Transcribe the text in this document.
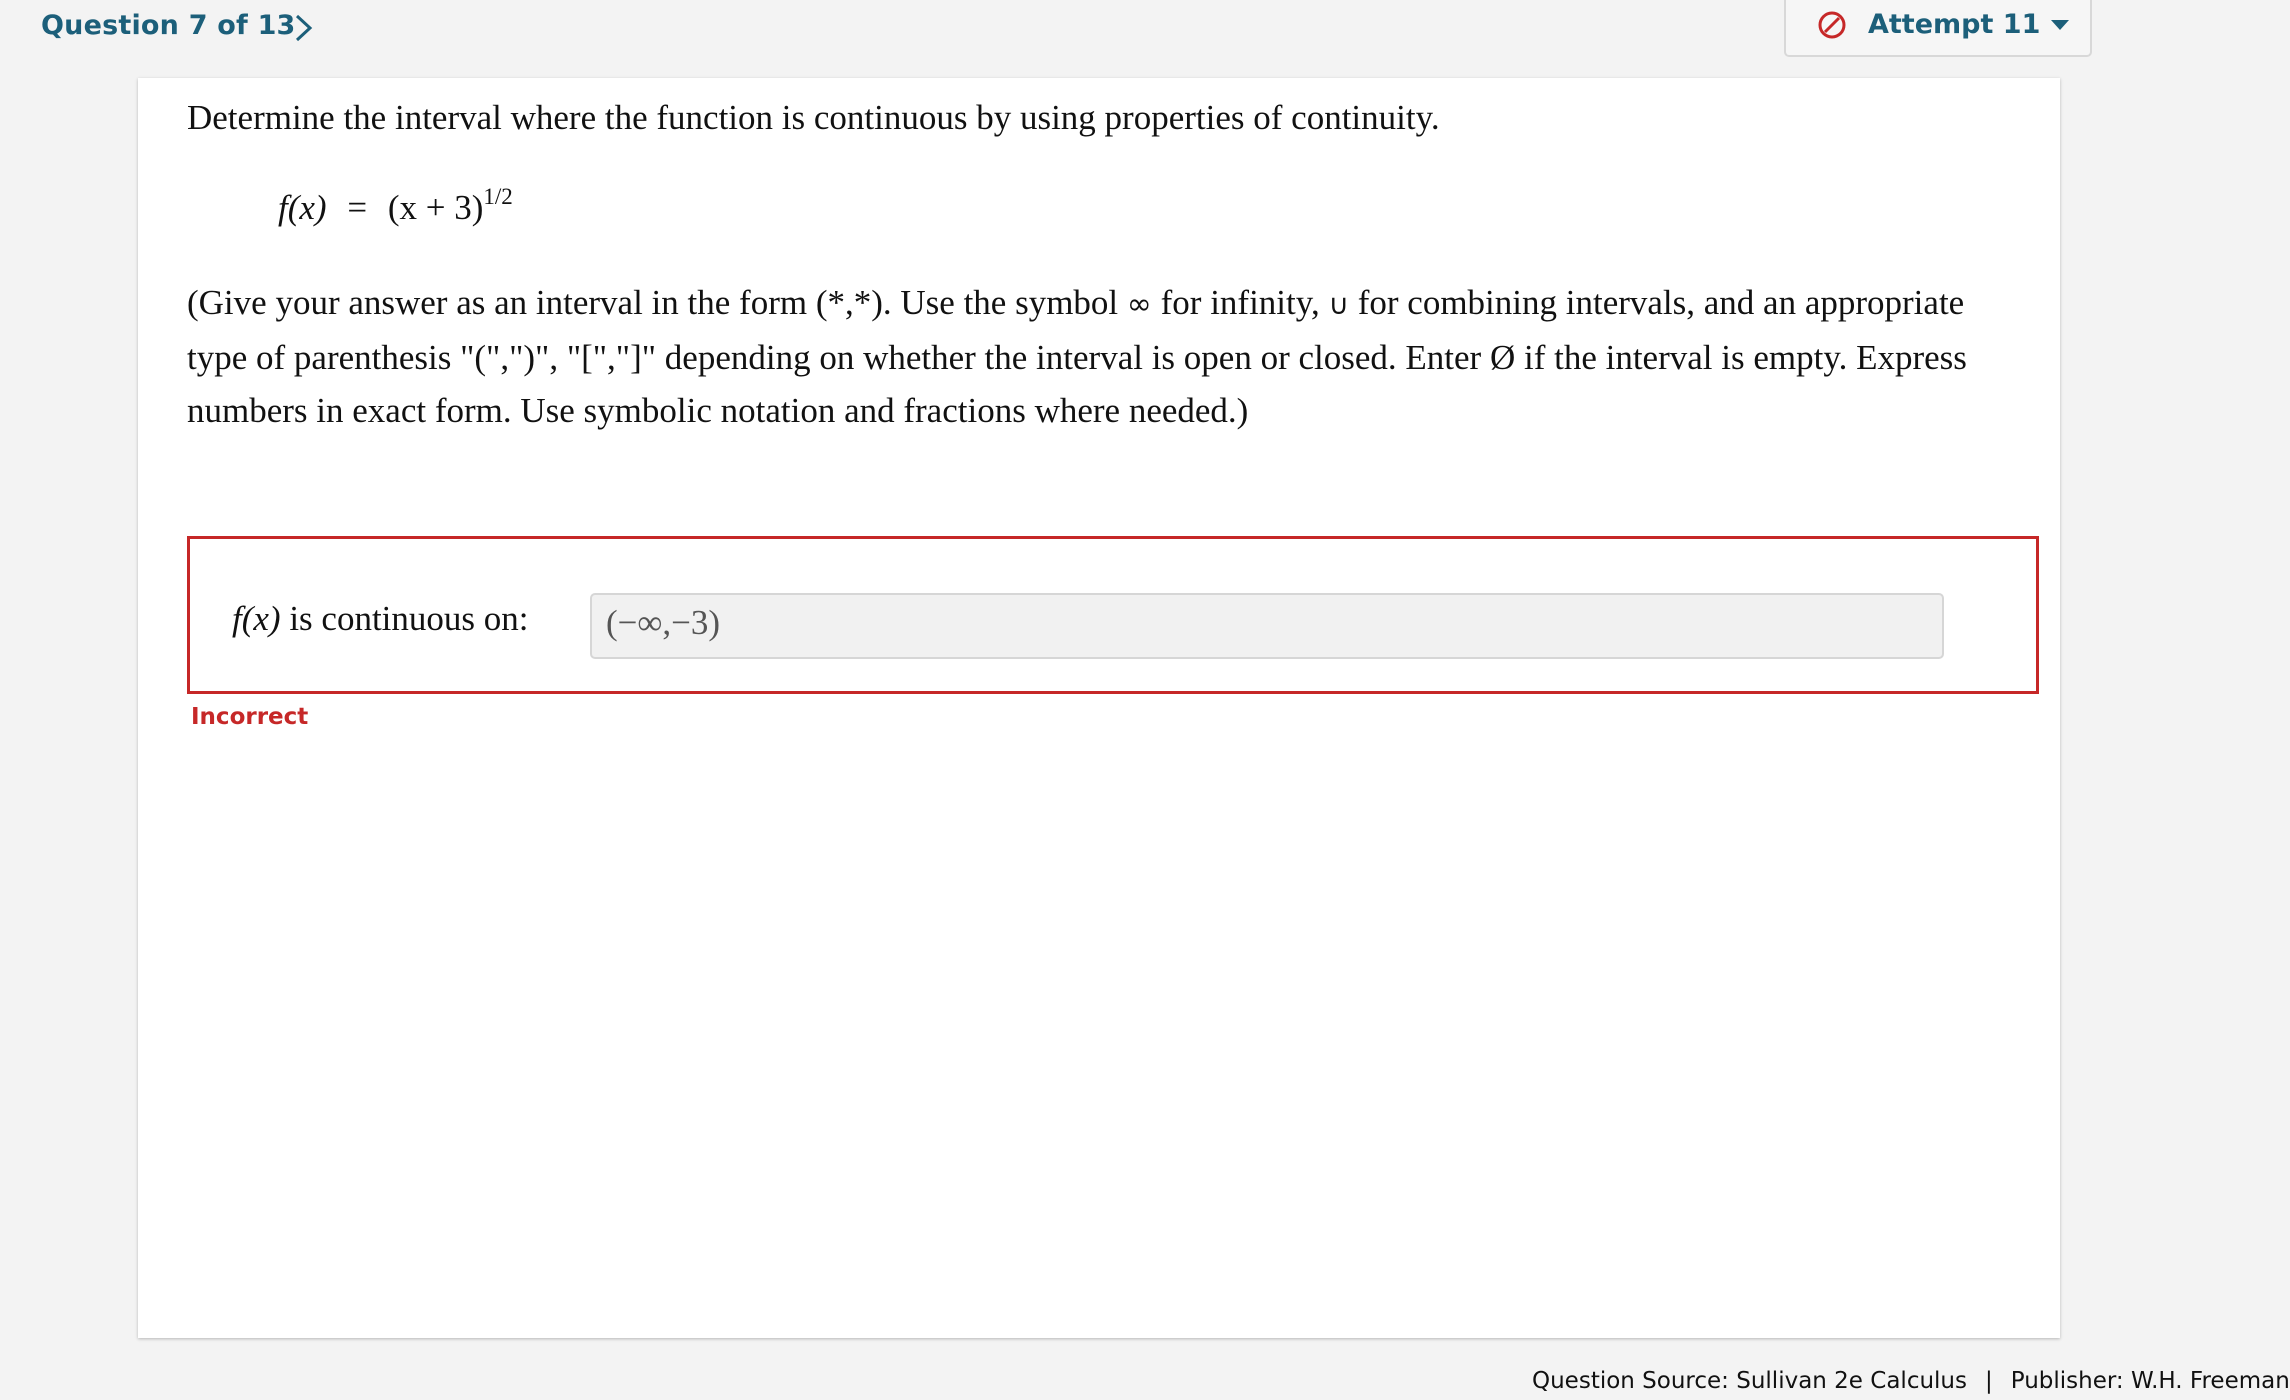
Question 7 of 13	Attempt 11
Determine the interval where the function is continuous by using properties of continuity.
$f(x) = (x + 3)^{1/2}$
(Give your answer as an interval in the form (*,*). Use the symbol ∞ for infinity, ∪ for combining intervals, and an appropriate type of parenthesis "(",")", "[","]" depending on whether the interval is open or closed. Enter Ø if the interval is empty. Express numbers in exact form. Use symbolic notation and fractions where needed.)
f(x) is continuous on: (−∞,−3)
Incorrect
Question Source: Sullivan 2e Calculus | Publisher: W.H. Freeman
